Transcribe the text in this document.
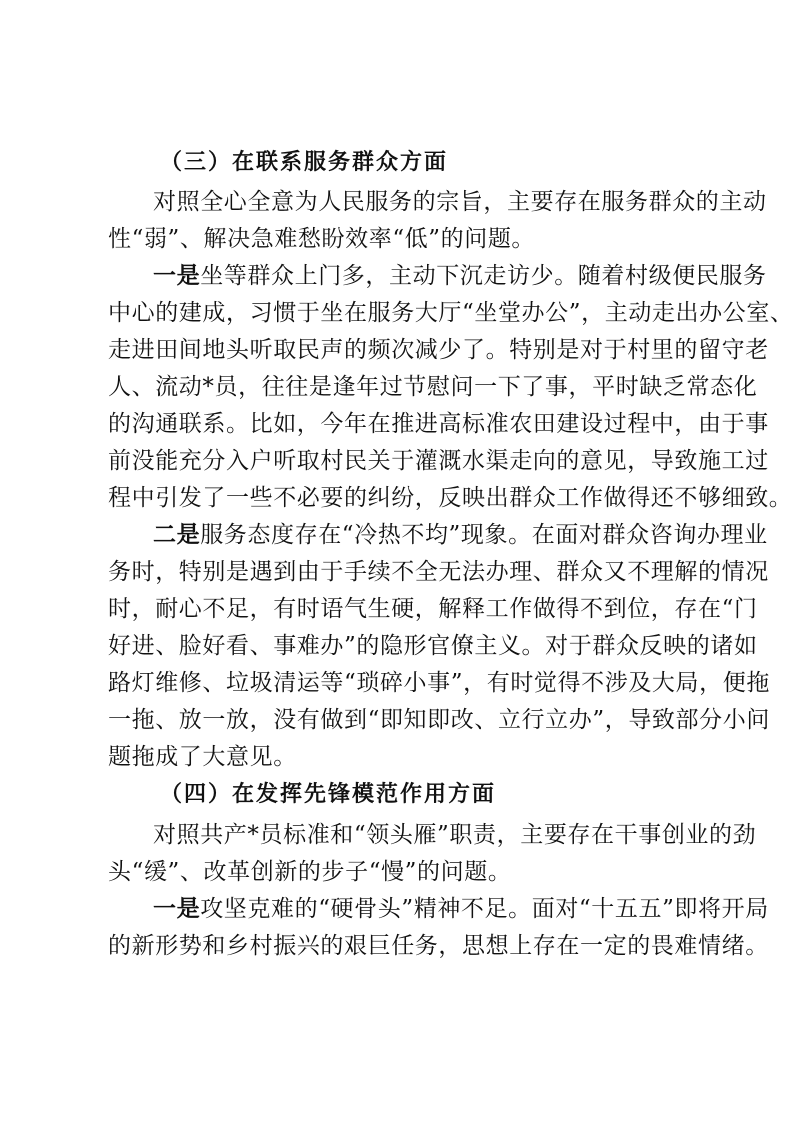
（三）在联系服务群众方面
对照全心全意为人民服务的宗旨，主要存在服务群众的主动
性“弱”、解决急难愁盼效率“低”的问题。
一是坐等群众上门多，主动下沉走访少。随着村级便民服务
中心的建成，习惯于坐在服务大厅“坐堂办公”，主动走出办公室、
走进田间地头听取民声的频次减少了。特别是对于村里的留守老
人、流动*员，往往是逢年过节慰问一下了事，平时缺乏常态化
的沟通联系。比如，今年在推进高标准农田建设过程中，由于事
前没能充分入户听取村民关于灌溉水渠走向的意见，导致施工过
程中引发了一些不必要的纠纷，反映出群众工作做得还不够细致。
二是服务态度存在“冷热不均”现象。在面对群众咨询办理业
务时，特别是遇到由于手续不全无法办理、群众又不理解的情况
时，耐心不足，有时语气生硬，解释工作做得不到位，存在“门
好进、脸好看、事难办”的隐形官僚主义。对于群众反映的诸如
路灯维修、垃圾清运等“琐碎小事”，有时觉得不涉及大局，便拖
一拖、放一放，没有做到“即知即改、立行立办”，导致部分小问
题拖成了大意见。
（四）在发挥先锋模范作用方面
对照共产*员标准和“领头雁”职责，主要存在干事创业的劲
头“缓”、改革创新的步子“慢”的问题。
一是攻坚克难的“硬骨头”精神不足。面对“十五五”即将开局
的新形势和乡村振兴的艰巨任务，思想上存在一定的畏难情绪。
